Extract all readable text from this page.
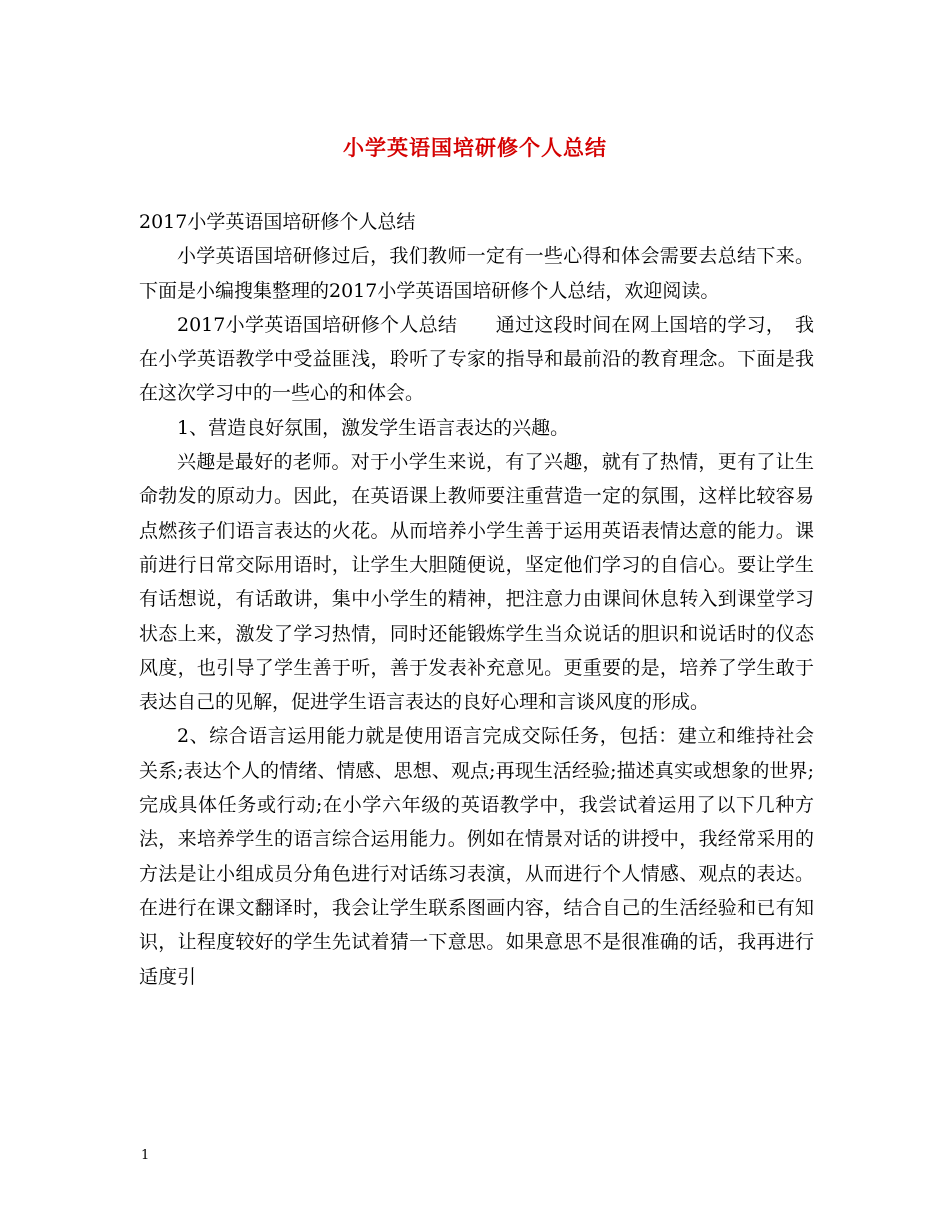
小学英语国培研修个人总结

2017小学英语国培研修个人总结

小学英语国培研修过后，我们教师一定有一些心得和体会需要去总结下来。下面是小编搜集整理的2017小学英语国培研修个人总结，欢迎阅读。

2017小学英语国培研修个人总结　　通过这段时间在网上国培的学习，　我在小学英语教学中受益匪浅，聆听了专家的指导和最前沿的教育理念。下面是我在这次学习中的一些心的和体会。

1、营造良好氛围，激发学生语言表达的兴趣。

兴趣是最好的老师。对于小学生来说，有了兴趣，就有了热情，更有了让生命勃发的原动力。因此，在英语课上教师要注重营造一定的氛围，这样比较容易点燃孩子们语言表达的火花。从而培养小学生善于运用英语表情达意的能力。课前进行日常交际用语时，让学生大胆随便说，坚定他们学习的自信心。要让学生有话想说，有话敢讲，集中小学生的精神，把注意力由课间休息转入到课堂学习状态上来，激发了学习热情，同时还能锻炼学生当众说话的胆识和说话时的仪态风度，也引导了学生善于听，善于发表补充意见。更重要的是，培养了学生敢于表达自己的见解，促进学生语言表达的良好心理和言谈风度的形成。

2、综合语言运用能力就是使用语言完成交际任务，包括：建立和维持社会关系;表达个人的情绪、情感、思想、观点;再现生活经验;描述真实或想象的世界;完成具体任务或行动;在小学六年级的英语教学中，我尝试着运用了以下几种方法，来培养学生的语言综合运用能力。例如在情景对话的讲授中，我经常采用的方法是让小组成员分角色进行对话练习表演，从而进行个人情感、观点的表达。在进行在课文翻译时，我会让学生联系图画内容，结合自己的生活经验和已有知识，让程度较好的学生先试着猜一下意思。如果意思不是很准确的话，我再进行适度引

1
